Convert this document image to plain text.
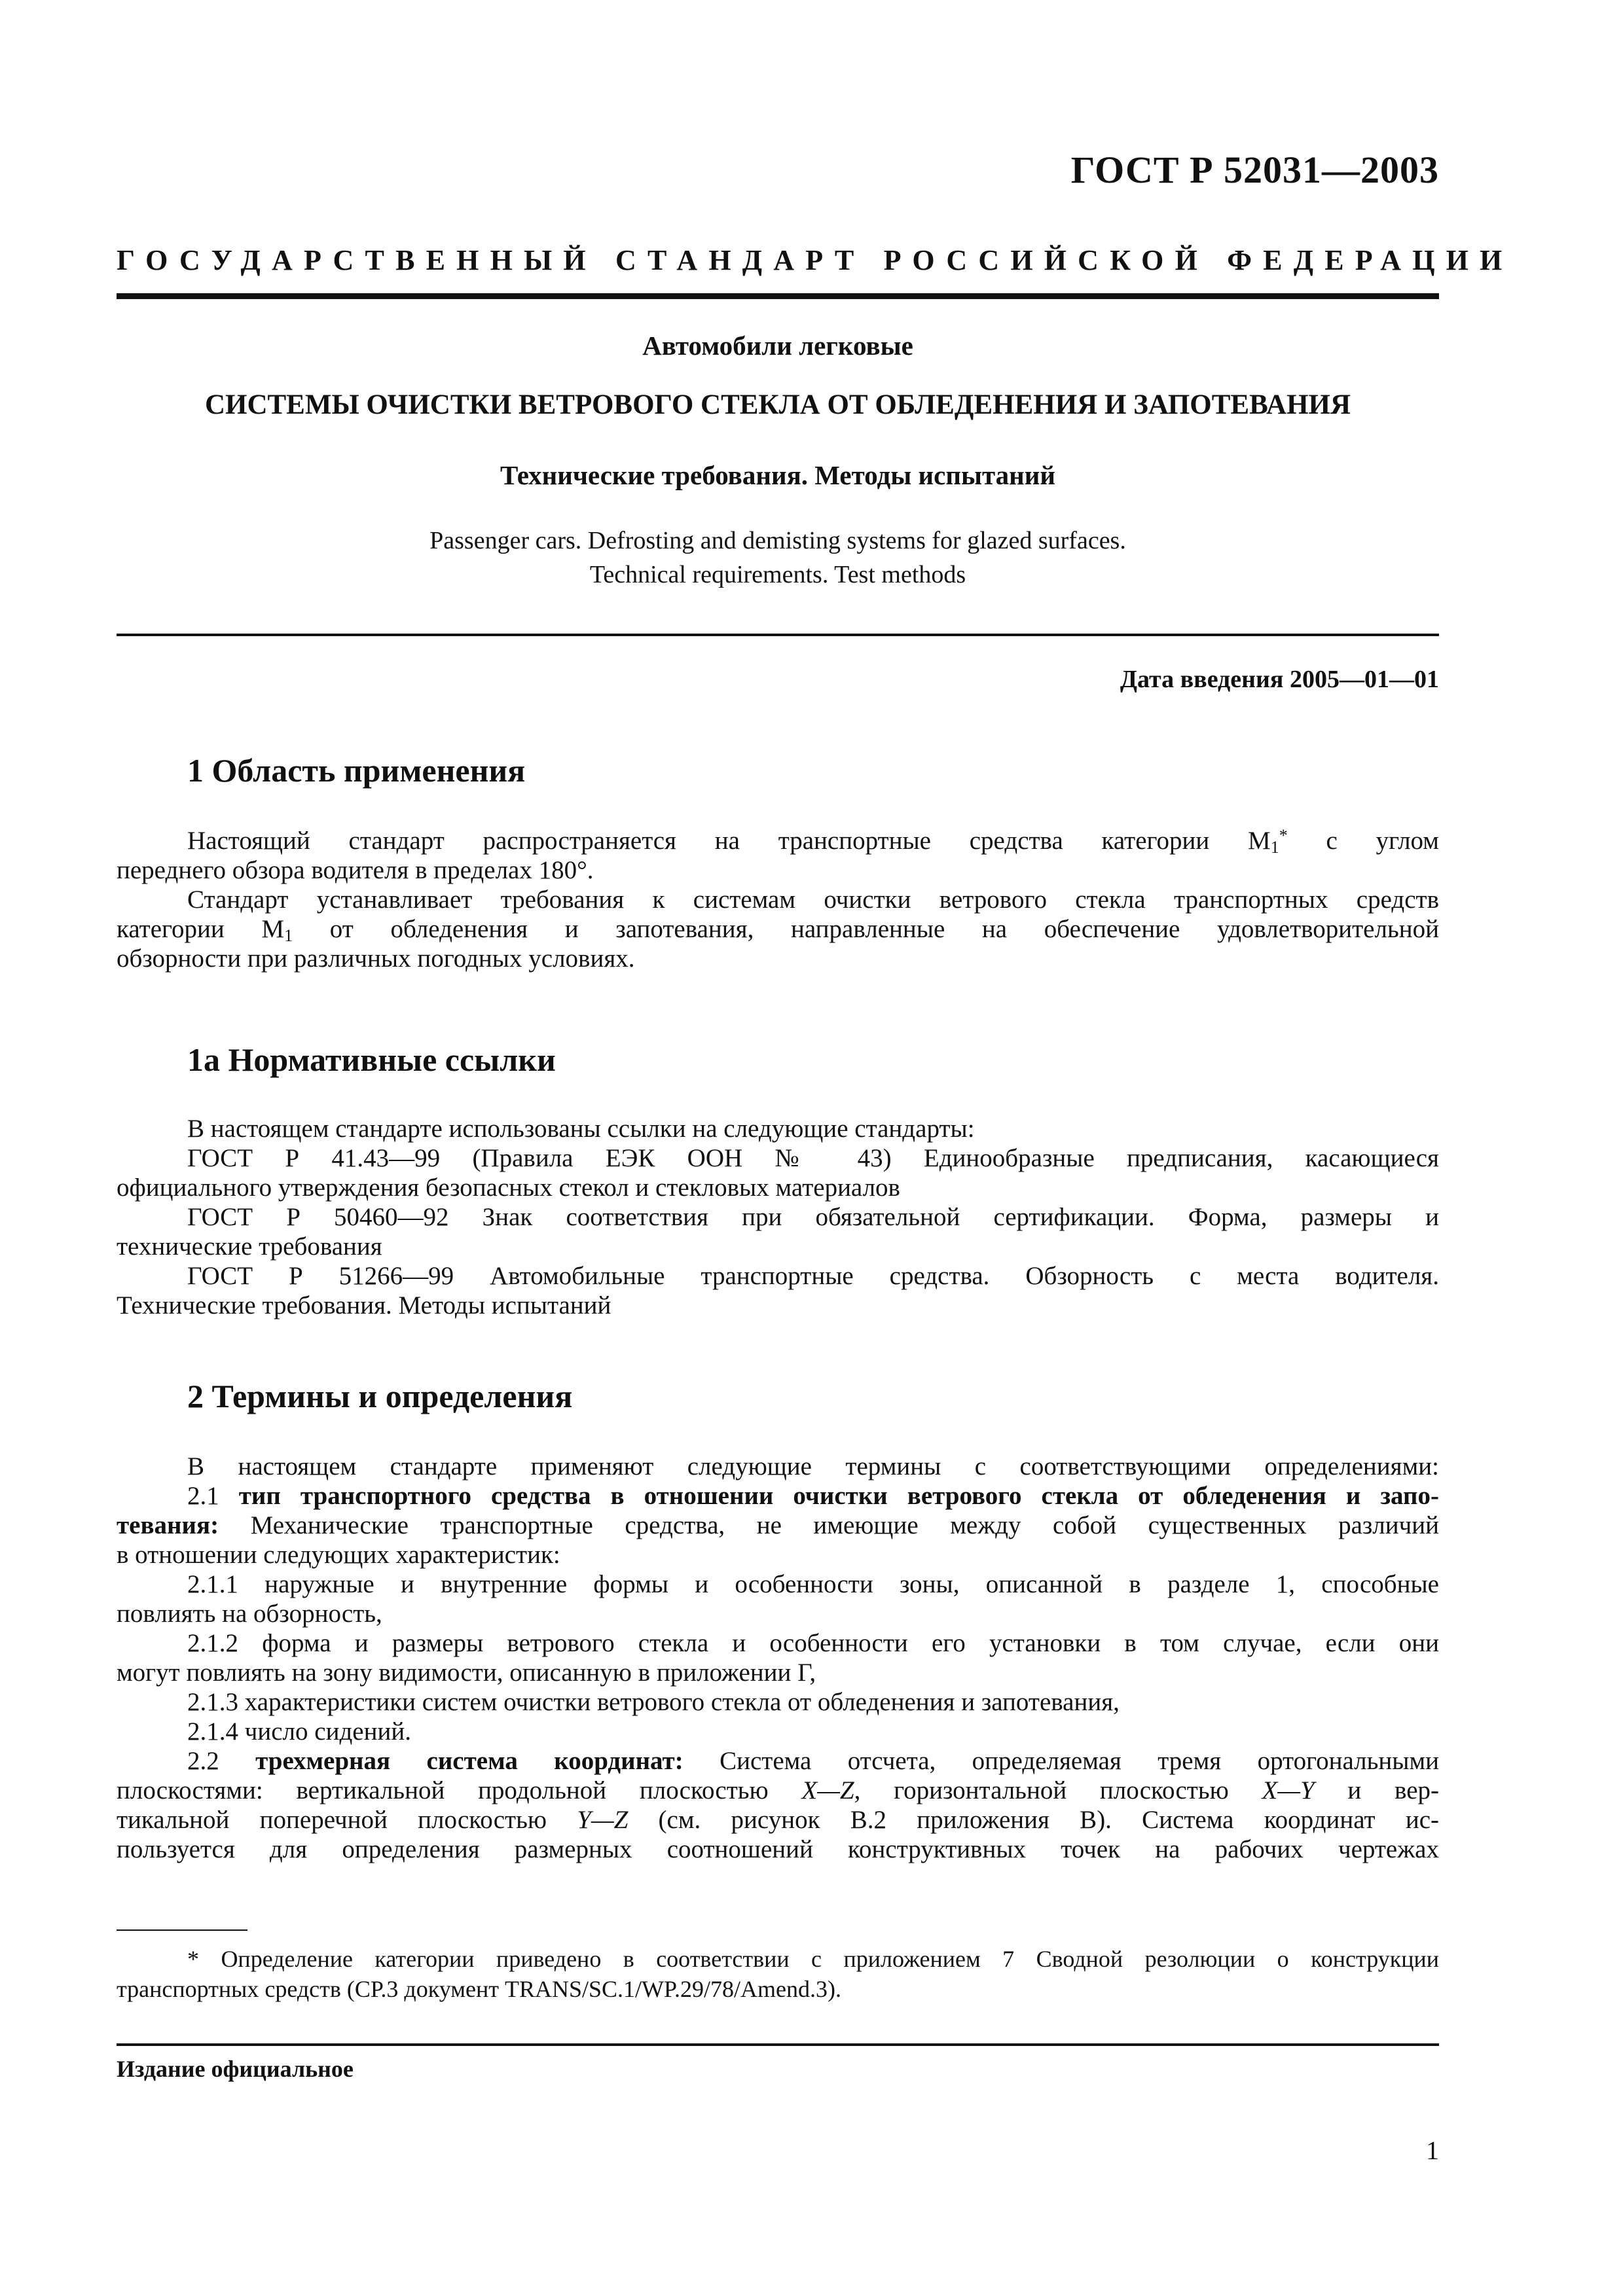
ГОСТ Р 52031—2003
ГОСУДАРСТВЕННЫЙ СТАНДАРТ РОССИЙСКОЙ ФЕДЕРАЦИИ
Автомобили легковые
СИСТЕМЫ ОЧИСТКИ ВЕТРОВОГО СТЕКЛА ОТ ОБЛЕДЕНЕНИЯ И ЗАПОТЕВАНИЯ
Технические требования. Методы испытаний
Passenger cars. Defrosting and demisting systems for glazed surfaces.
Technical requirements. Test methods
Дата введения 2005—01—01
1 Область применения

Настоящий стандарт распространяется на транспортные средства категории $М_1^*$ с углом

переднего обзора водителя в пределах 180°.

Стандарт устанавливает требования к системам очистки ветрового стекла транспортных средств

категории $М_1$ от обледенения и запотевания, направленные на обеспечение удовлетворительной

обзорности при различных погодных условиях.

1а Нормативные ссылки

В настоящем стандарте использованы ссылки на следующие стандарты:

ГОСТ Р 41.43—99 (Правила ЕЭК ООН № 43) Единообразные предписания, касающиеся

официального утверждения безопасных стекол и стекловых материалов

ГОСТ Р 50460—92 Знак соответствия при обязательной сертификации. Форма, размеры и

технические требования

ГОСТ Р 51266—99 Автомобильные транспортные средства. Обзорность с места водителя.

Технические требования. Методы испытаний

2 Термины и определения

В настоящем стандарте применяют следующие термины с соответствующими определениями:

2.1 тип транспортного средства в отношении очистки ветрового стекла от обледенения и запо-

тевания: Механические транспортные средства, не имеющие между собой существенных различий

в отношении следующих характеристик:

2.1.1 наружные и внутренние формы и особенности зоны, описанной в разделе 1, способные

повлиять на обзорность,

2.1.2 форма и размеры ветрового стекла и особенности его установки в том случае, если они

могут повлиять на зону видимости, описанную в приложении Г,

2.1.3 характеристики систем очистки ветрового стекла от обледенения и запотевания,

2.1.4 число сидений.

2.2 трехмерная система координат: Система отсчета, определяемая тремя ортогональными

плоскостями: вертикальной продольной плоскостью X—Z, горизонтальной плоскостью X—Y и вер-

тикальной поперечной плоскостью Y—Z (см. рисунок В.2 приложения В). Система координат ис-

пользуется для определения размерных соотношений конструктивных точек на рабочих чертежах

* Определение категории приведено в соответствии с приложением 7 Сводной резолюции о конструкции
транспортных средств (СР.3 документ TRANS/SC.1/WP.29/78/Amend.3).
Издание официальное
1
